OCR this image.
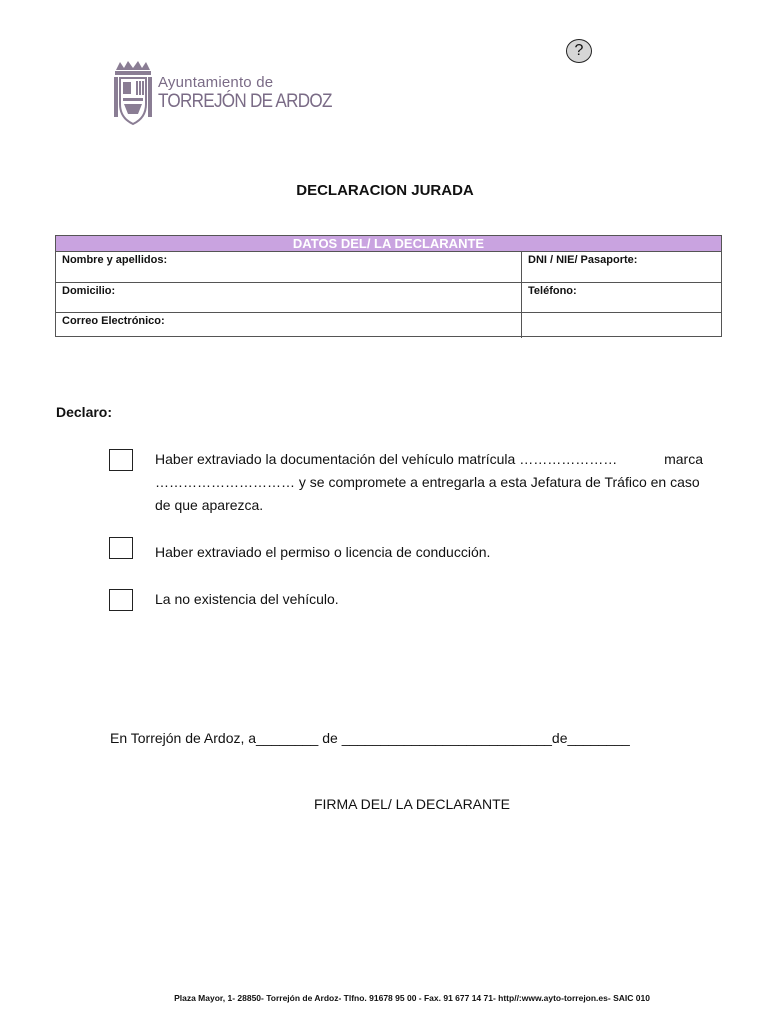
?
Ayuntamiento de
TORREJÓN DE ARDOZ
DECLARACION JURADA
DATOS DEL/ LA DECLARANTE
Nombre y apellidos:	DNI / NIE/ Pasaporte:
Domicilio:	Teléfono:
Correo Electrónico:
Declaro:
Haber extraviado la documentación del vehículo matrícula …………………	marca
………………………… y se compromete a entregarla a esta Jefatura de Tráfico en caso
de que aparezca.
Haber extraviado el permiso o licencia de conducción.
La no existencia del vehículo.
En Torrejón de Ardoz, a________ de ___________________________de________
FIRMA DEL/ LA DECLARANTE
Plaza Mayor, 1- 28850- Torrejón de Ardoz- Tlfno. 91678 95 00 - Fax. 91 677 14 71- http//:www.ayto-torrejon.es- SAIC 010
